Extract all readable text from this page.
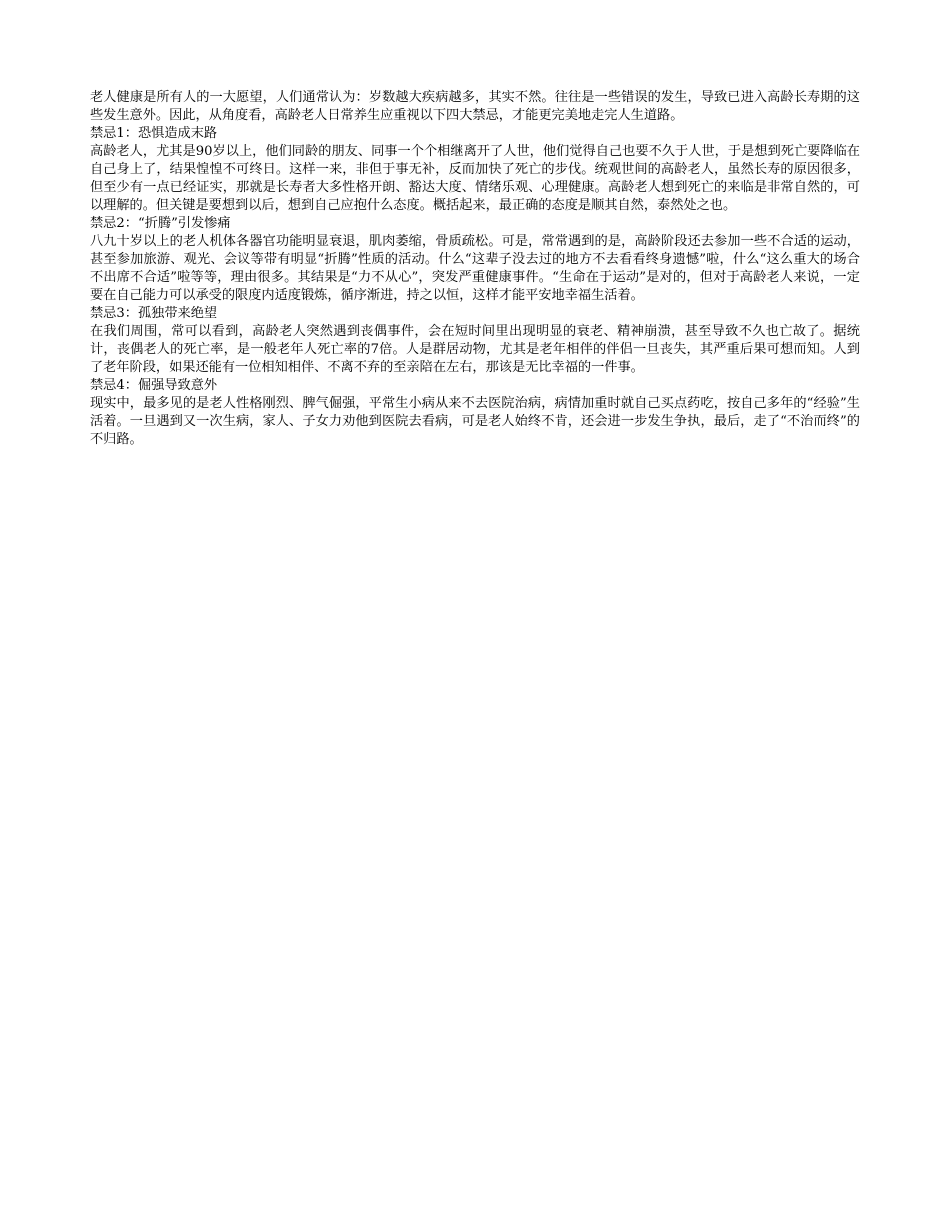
老人健康是所有人的一大愿望，人们通常认为：岁数越大疾病越多，其实不然。往往是一些错误的发生，导致已进入高龄长寿期的这些发生意外。因此，从角度看，高龄老人日常养生应重视以下四大禁忌，才能更完美地走完人生道路。

禁忌1：恐惧造成末路

高龄老人，尤其是90岁以上，他们同龄的朋友、同事一个个相继离开了人世，他们觉得自己也要不久于人世，于是想到死亡要降临在自己身上了，结果惶惶不可终日。这样一来，非但于事无补，反而加快了死亡的步伐。统观世间的高龄老人，虽然长寿的原因很多，但至少有一点已经证实，那就是长寿者大多性格开朗、豁达大度、情绪乐观、心理健康。高龄老人想到死亡的来临是非常自然的，可以理解的。但关键是要想到以后，想到自己应抱什么态度。概括起来，最正确的态度是顺其自然，泰然处之也。

禁忌2：“折腾”引发惨痛

八九十岁以上的老人机体各器官功能明显衰退，肌肉萎缩，骨质疏松。可是，常常遇到的是，高龄阶段还去参加一些不合适的运动，甚至参加旅游、观光、会议等带有明显“折腾”性质的活动。什么“这辈子没去过的地方不去看看终身遗憾”啦，什么“这么重大的场合不出席不合适”啦等等，理由很多。其结果是“力不从心”，突发严重健康事件。“生命在于运动”是对的，但对于高龄老人来说，一定要在自己能力可以承受的限度内适度锻炼，循序渐进，持之以恒，这样才能平安地幸福生活着。

禁忌3：孤独带来绝望

在我们周围，常可以看到，高龄老人突然遇到丧偶事件，会在短时间里出现明显的衰老、精神崩溃，甚至导致不久也亡故了。据统计，丧偶老人的死亡率，是一般老年人死亡率的7倍。人是群居动物，尤其是老年相伴的伴侣一旦丧失，其严重后果可想而知。人到了老年阶段，如果还能有一位相知相伴、不离不弃的至亲陪在左右，那该是无比幸福的一件事。

禁忌4：倔强导致意外

现实中，最多见的是老人性格刚烈、脾气倔强，平常生小病从来不去医院治病，病情加重时就自己买点药吃，按自己多年的“经验”生活着。一旦遇到又一次生病，家人、子女力劝他到医院去看病，可是老人始终不肯，还会进一步发生争执，最后，走了“不治而终”的不归路。
